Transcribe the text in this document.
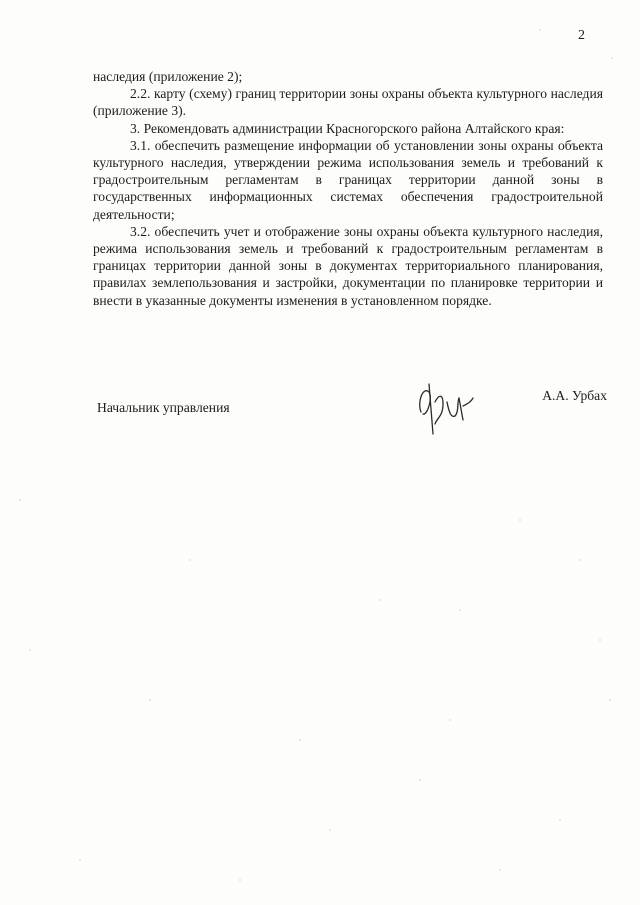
2

наследия (приложение 2);

2.2. карту (схему) границ территории зоны охраны объекта культурного наследия (приложение 3).

3. Рекомендовать администрации Красногорского района Алтайского края:

3.1. обеспечить размещение информации об установлении зоны охраны объекта культурного наследия, утверждении режима использования земель и требований к градостроительным регламентам в границах территории данной зоны в государственных информационных системах обеспечения градостроительной деятельности;

3.2. обеспечить учет и отображение зоны охраны объекта культурного наследия, режима использования земель и требований к градостроительным регламентам в границах территории данной зоны в документах территориального планирования, правилах землепользования и застройки, документации по планировке территории и внести в указанные документы изменения в установленном порядке.

Начальник управления
А.А. Урбах
